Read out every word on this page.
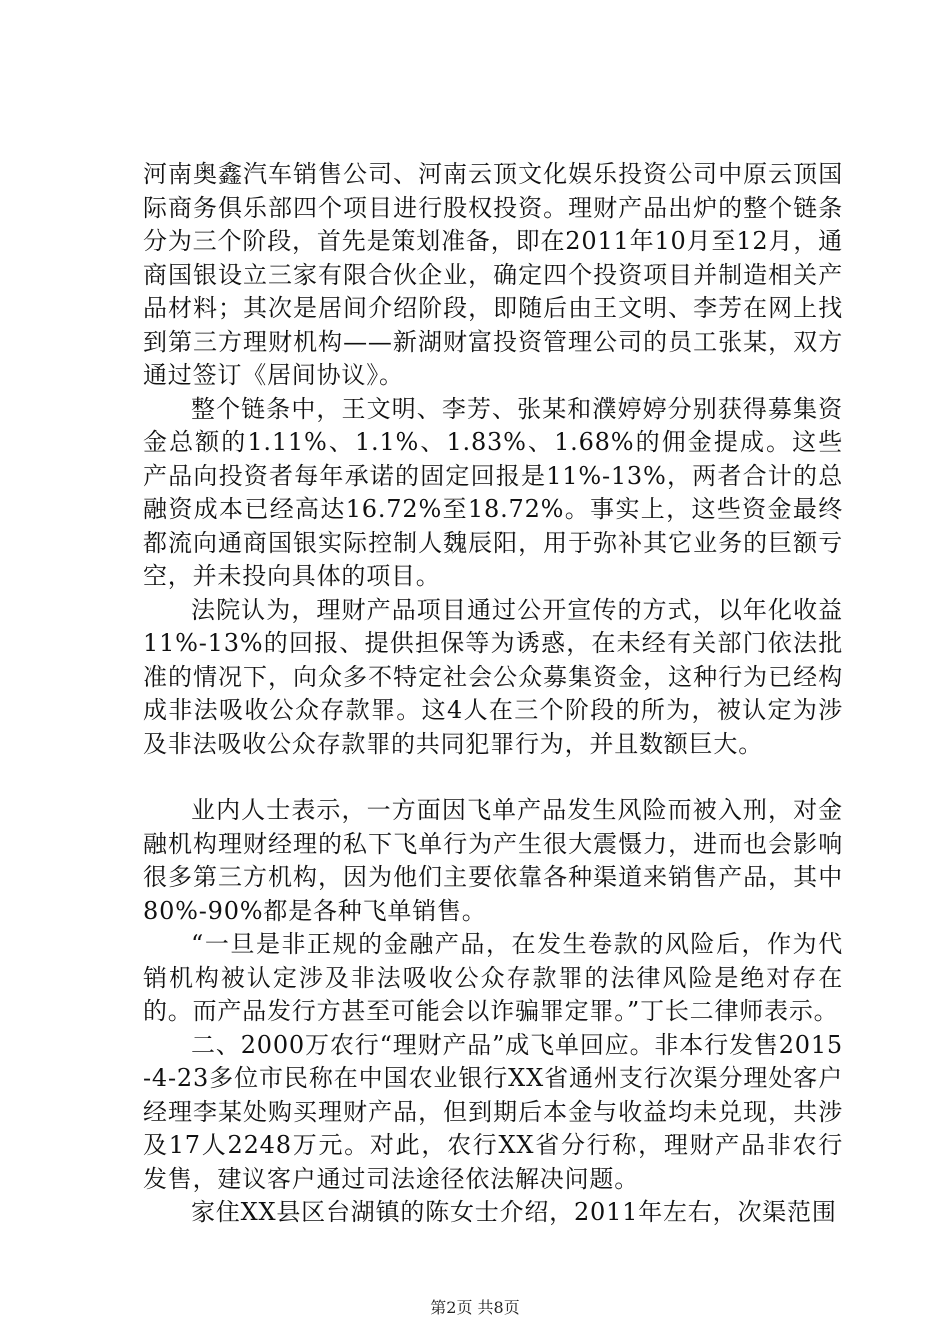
河南奥鑫汽车销售公司、河南云顶文化娱乐投资公司中原云顶国际商务俱乐部四个项目进行股权投资。理财产品出炉的整个链条分为三个阶段，首先是策划准备，即在2011年10月至12月，通商国银设立三家有限合伙企业，确定四个投资项目并制造相关产品材料；其次是居间介绍阶段，即随后由王文明、李芳在网上找到第三方理财机构——新湖财富投资管理公司的员工张某，双方通过签订《居间协议》。

整个链条中，王文明、李芳、张某和濮婷婷分别获得募集资金总额的1.11%、1.1%、1.83%、1.68%的佣金提成。这些产品向投资者每年承诺的固定回报是11%-13%，两者合计的总融资成本已经高达16.72%至18.72%。事实上，这些资金最终都流向通商国银实际控制人魏辰阳，用于弥补其它业务的巨额亏空，并未投向具体的项目。

法院认为，理财产品项目通过公开宣传的方式，以年化收益11%-13%的回报、提供担保等为诱惑，在未经有关部门依法批准的情况下，向众多不特定社会公众募集资金，这种行为已经构成非法吸收公众存款罪。这4人在三个阶段的所为，被认定为涉及非法吸收公众存款罪的共同犯罪行为，并且数额巨大。

业内人士表示，一方面因飞单产品发生风险而被入刑，对金融机构理财经理的私下飞单行为产生很大震慑力，进而也会影响很多第三方机构，因为他们主要依靠各种渠道来销售产品，其中80%-90%都是各种飞单销售。

“一旦是非正规的金融产品，在发生卷款的风险后，作为代销机构被认定涉及非法吸收公众存款罪的法律风险是绝对存在的。而产品发行方甚至可能会以诈骗罪定罪。”丁长二律师表示。

二、2000万农行“理财产品”成飞单回应。非本行发售2015-4-23多位市民称在中国农业银行XX省通州支行次渠分理处客户经理李某处购买理财产品，但到期后本金与收益均未兑现，共涉及17人2248万元。对此，农行XX省分行称，理财产品非农行发售，建议客户通过司法途径依法解决问题。

家住XX县区台湖镇的陈女士介绍，2011年左右，次渠范围

第2页 共8页
